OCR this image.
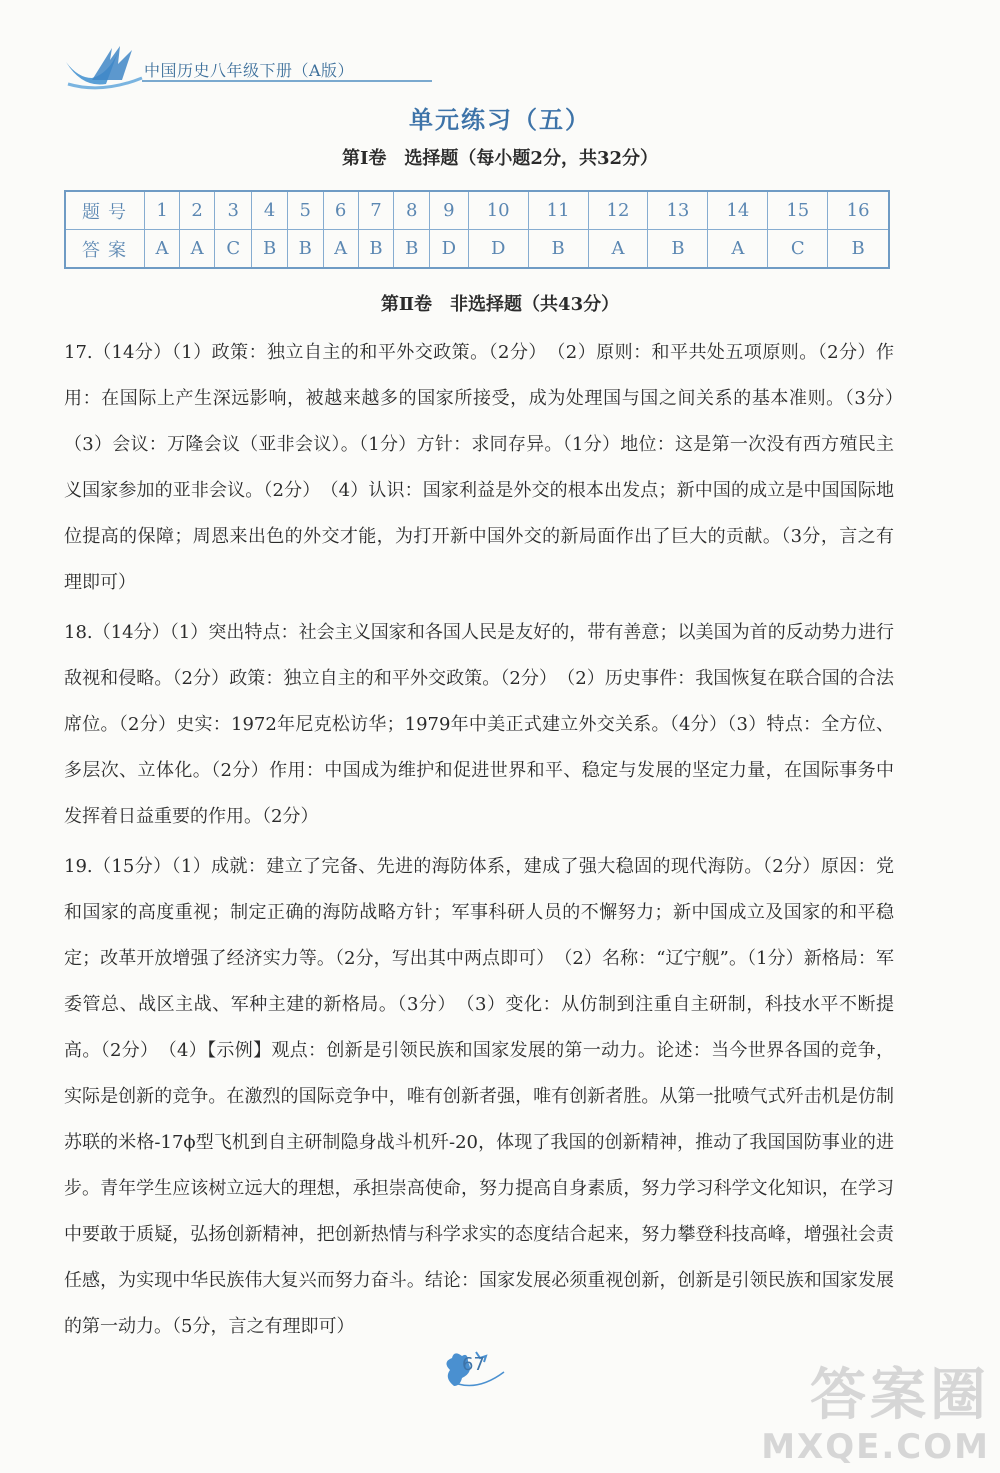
中国历史八年级下册（A版）
单元练习（五）
第Ⅰ卷　选择题（每小题2分，共32分）
题号	1	2	3	4	5	6	7	8	9	10	11	12	13	14	15	16
答案	A	A	C	B	B	A	B	B	D	D	B	A	B	A	C	B
第Ⅱ卷　非选择题（共43分）

17.（14分）（1）政策：独立自主的和平外交政策。（2分）　（2）原则：和平共处五项原则。（2分）作用：在国际上产生深远影响，被越来越多的国家所接受，成为处理国与国之间关系的基本准则。（3分）　（3）会议：万隆会议（亚非会议）。（1分）方针：求同存异。（1分）地位：这是第一次没有西方殖民主义国家参加的亚非会议。（2分）　（4）认识：国家利益是外交的根本出发点；新中国的成立是中国国际地位提高的保障；周恩来出色的外交才能，为打开新中国外交的新局面作出了巨大的贡献。（3分，言之有理即可）

18.（14分）（1）突出特点：社会主义国家和各国人民是友好的，带有善意；以美国为首的反动势力进行敌视和侵略。（2分）政策：独立自主的和平外交政策。（2分）　（2）历史事件：我国恢复在联合国的合法席位。（2分）史实：1972年尼克松访华；1979年中美正式建立外交关系。（4分）（3）特点：全方位、多层次、立体化。（2分）作用：中国成为维护和促进世界和平、稳定与发展的坚定力量，在国际事务中发挥着日益重要的作用。（2分）

19.（15分）（1）成就：建立了完备、先进的海防体系，建成了强大稳固的现代海防。（2分）原因：党和国家的高度重视；制定正确的海防战略方针；军事科研人员的不懈努力；新中国成立及国家的和平稳定；改革开放增强了经济实力等。（2分，写出其中两点即可）　（2）名称：“辽宁舰”。（1分）新格局：军委管总、战区主战、军种主建的新格局。（3分）　（3）变化：从仿制到注重自主研制，科技水平不断提高。（2分）　（4）【示例】观点：创新是引领民族和国家发展的第一动力。论述：当今世界各国的竞争，实际是创新的竞争。在激烈的国际竞争中，唯有创新者强，唯有创新者胜。从第一批喷气式歼击机是仿制苏联的米格-17ϕ型飞机到自主研制隐身战斗机歼-20，体现了我国的创新精神，推动了我国国防事业的进步。青年学生应该树立远大的理想，承担崇高使命，努力提高自身素质，努力学习科学文化知识，在学习中要敢于质疑，弘扬创新精神，把创新热情与科学求实的态度结合起来，努力攀登科技高峰，增强社会责任感，为实现中华民族伟大复兴而努力奋斗。结论：国家发展必须重视创新，创新是引领民族和国家发展的第一动力。（5分，言之有理即可）

67	答案圈
MXQE.COM
